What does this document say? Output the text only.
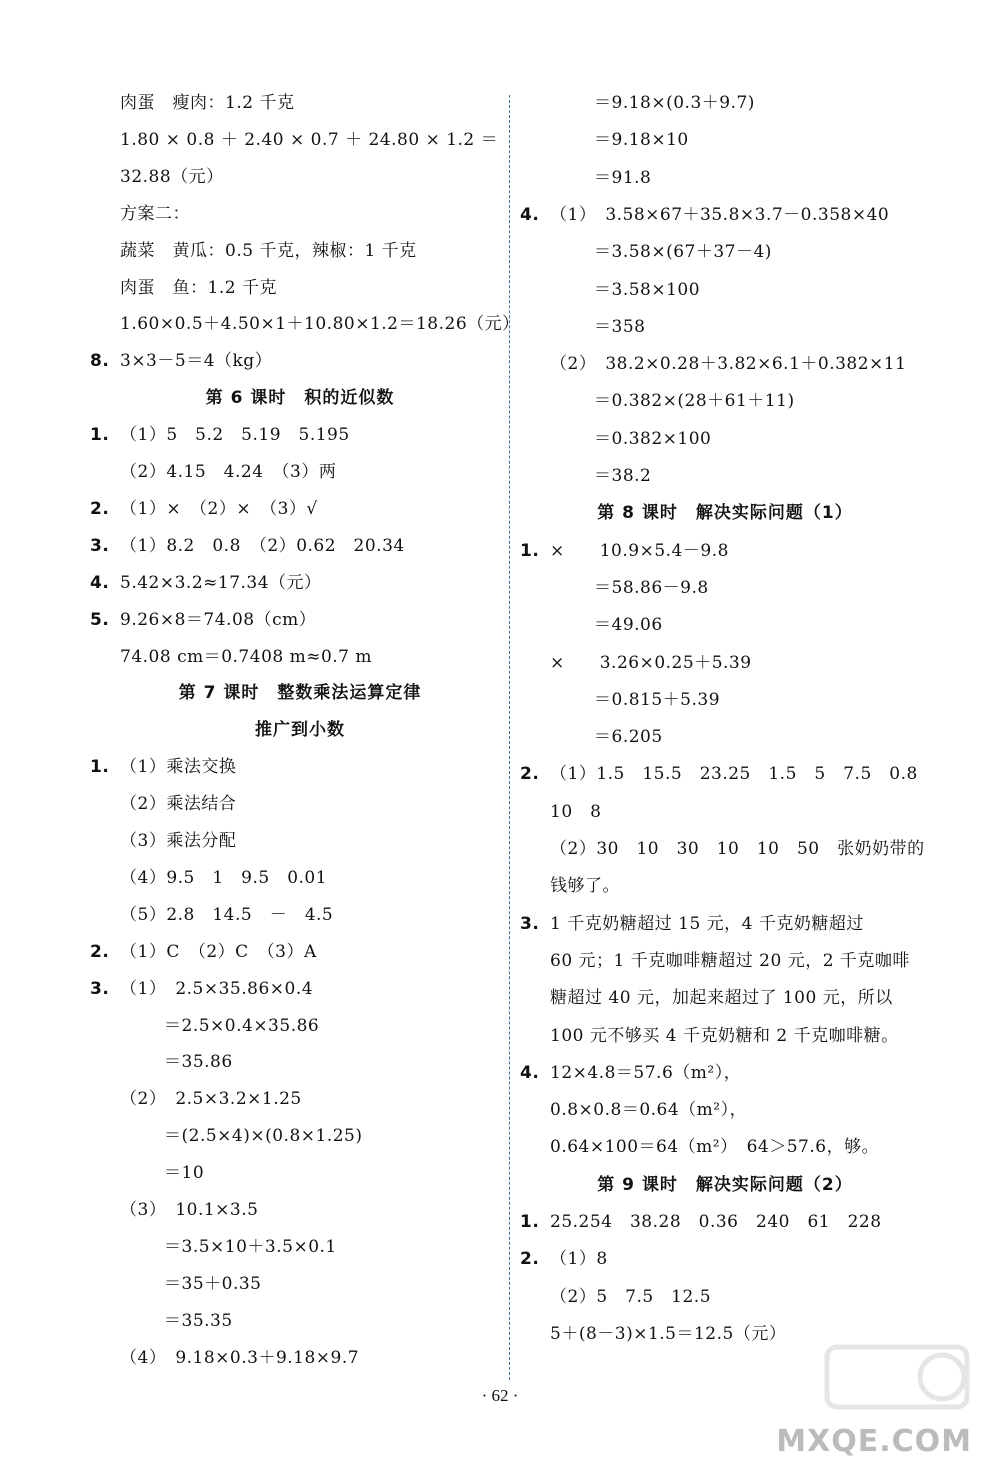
肉蛋　瘦肉：1.2 千克
1.80 × 0.8 ＋ 2.40 × 0.7 ＋ 24.80 × 1.2 ＝
32.88（元）
方案二：
蔬菜　黄瓜：0.5 千克，辣椒：1 千克
肉蛋　鱼：1.2 千克
1.60×0.5＋4.50×1＋10.80×1.2＝18.26（元）
8. 3×3－5＝4（kg）
第 6 课时　积的近似数
1. （1）5　5.2　5.19　5.195
（2）4.15　4.24　（3）两
2. （1）×　（2）×　（3）√
3. （1）8.2　0.8　（2）0.62　20.34
4. 5.42×3.2≈17.34（元）
5. 9.26×8＝74.08（cm）
74.08 cm＝0.7408 m≈0.7 m
第 7 课时　整数乘法运算定律
推广到小数
1. （1）乘法交换
（2）乘法结合
（3）乘法分配
（4）9.5　1　9.5　0.01
（5）2.8　14.5　－　4.5
2. （1）C　（2）C　（3）A
3. （1）　2.5×35.86×0.4
＝2.5×0.4×35.86
＝35.86
（2）　2.5×3.2×1.25
＝(2.5×4)×(0.8×1.25)
＝10
（3）　10.1×3.5
＝3.5×10＋3.5×0.1
＝35＋0.35
＝35.35
（4）　9.18×0.3＋9.18×9.7
＝9.18×(0.3＋9.7)
＝9.18×10
＝91.8
4. （1）　3.58×67＋35.8×3.7－0.358×40
＝3.58×(67＋37－4)
＝3.58×100
＝358
（2）　38.2×0.28＋3.82×6.1＋0.382×11
＝0.382×(28＋61＋11)
＝0.382×100
＝38.2
第 8 课时　解决实际问题（1）
1. ×　　10.9×5.4－9.8
＝58.86－9.8
＝49.06
×　　3.26×0.25＋5.39
＝0.815＋5.39
＝6.205
2. （1）1.5　15.5　23.25　1.5　5　7.5　0.8
10　8
（2）30　10　30　10　10　50　张奶奶带的
钱够了。
3. 1 千克奶糖超过 15 元，4 千克奶糖超过
60 元；1 千克咖啡糖超过 20 元，2 千克咖啡
糖超过 40 元，加起来超过了 100 元，所以
100 元不够买 4 千克奶糖和 2 千克咖啡糖。
4. 12×4.8＝57.6（m²），
0.8×0.8＝0.64（m²），
0.64×100＝64（m²）　64＞57.6，够。
第 9 课时　解决实际问题（2）
1. 25.254　38.28　0.36　240　61　228
2. （1）8
（2）5　7.5　12.5
5＋(8－3)×1.5＝12.5（元）
· 62 ·
MXQE.COM
